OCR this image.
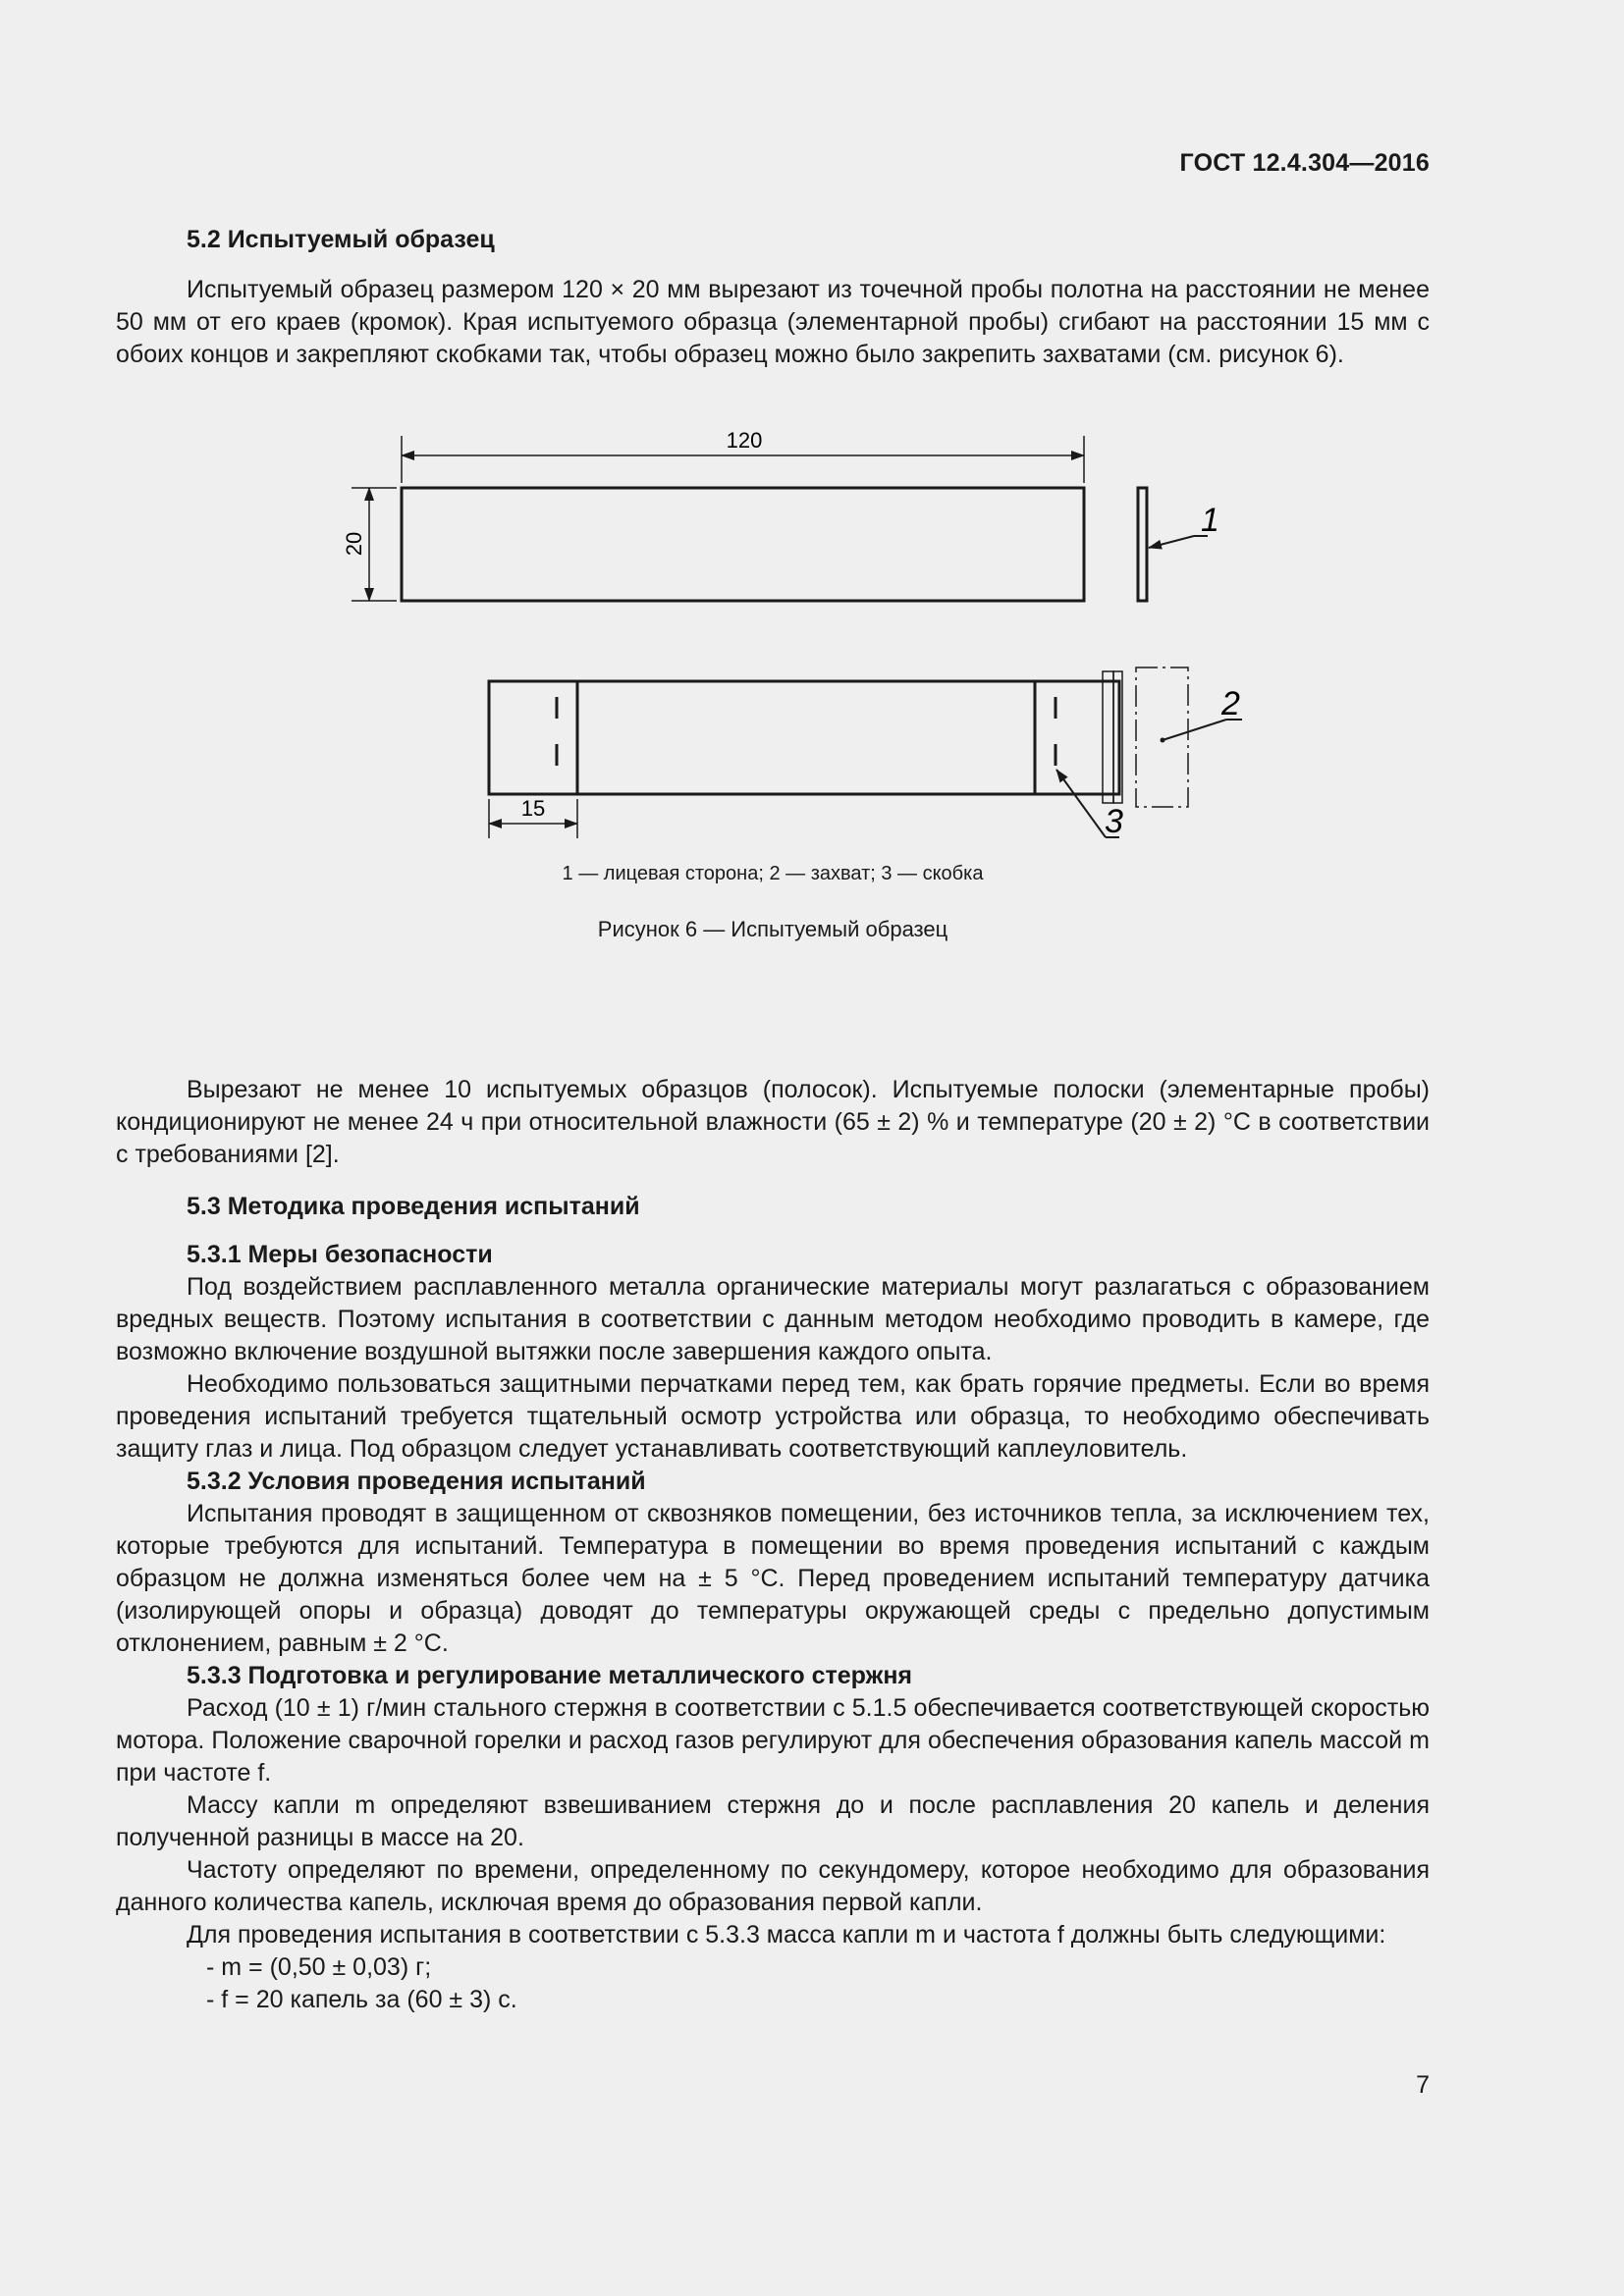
ГОСТ 12.4.304—2016
5.2 Испытуемый образец

Испытуемый образец размером 120 × 20 мм вырезают из точечной пробы полотна на расстоянии не менее 50 мм от его краев (кромок). Края испытуемого образца (элементарной пробы) сгибают на расстоянии 15 мм с обоих концов и закрепляют скобками так, чтобы образец можно было закрепить захватами (см. рисунок 6).

120
20
1
2
3
15
1 — лицевая сторона; 2 — захват; 3 — скобка
Рисунок 6 — Испытуемый образец

Вырезают не менее 10 испытуемых образцов (полосок). Испытуемые полоски (элементарные пробы) кондиционируют не менее 24 ч при относительной влажности (65 ± 2) % и температуре (20 ± 2) °С в соответствии с требованиями [2].

5.3 Методика проведения испытаний
5.3.1 Меры безопасности

Под воздействием расплавленного металла органические материалы могут разлагаться с образованием вредных веществ. Поэтому испытания в соответствии с данным методом необходимо проводить в камере, где возможно включение воздушной вытяжки после завершения каждого опыта.

Необходимо пользоваться защитными перчатками перед тем, как брать горячие предметы. Если во время проведения испытаний требуется тщательный осмотр устройства или образца, то необходимо обеспечивать защиту глаз и лица. Под образцом следует устанавливать соответствующий каплеуловитель.

5.3.2 Условия проведения испытаний

Испытания проводят в защищенном от сквозняков помещении, без источников тепла, за исключением тех, которые требуются для испытаний. Температура в помещении во время проведения испытаний с каждым образцом не должна изменяться более чем на ± 5 °С. Перед проведением испытаний температуру датчика (изолирующей опоры и образца) доводят до температуры окружающей среды с предельно допустимым отклонением, равным ± 2 °С.

5.3.3 Подготовка и регулирование металлического стержня

Расход (10 ± 1) г/мин стального стержня в соответствии с 5.1.5 обеспечивается соответствующей скоростью мотора. Положение сварочной горелки и расход газов регулируют для обеспечения образования капель массой m при частоте f.

Массу капли m определяют взвешиванием стержня до и после расплавления 20 капель и деления полученной разницы в массе на 20.

Частоту определяют по времени, определенному по секундомеру, которое необходимо для образования данного количества капель, исключая время до образования первой капли.

Для проведения испытания в соответствии с 5.3.3 масса капли m и частота f должны быть следующими:

- m = (0,50 ± 0,03) г;
- f = 20 капель за (60 ± 3) с.
7
